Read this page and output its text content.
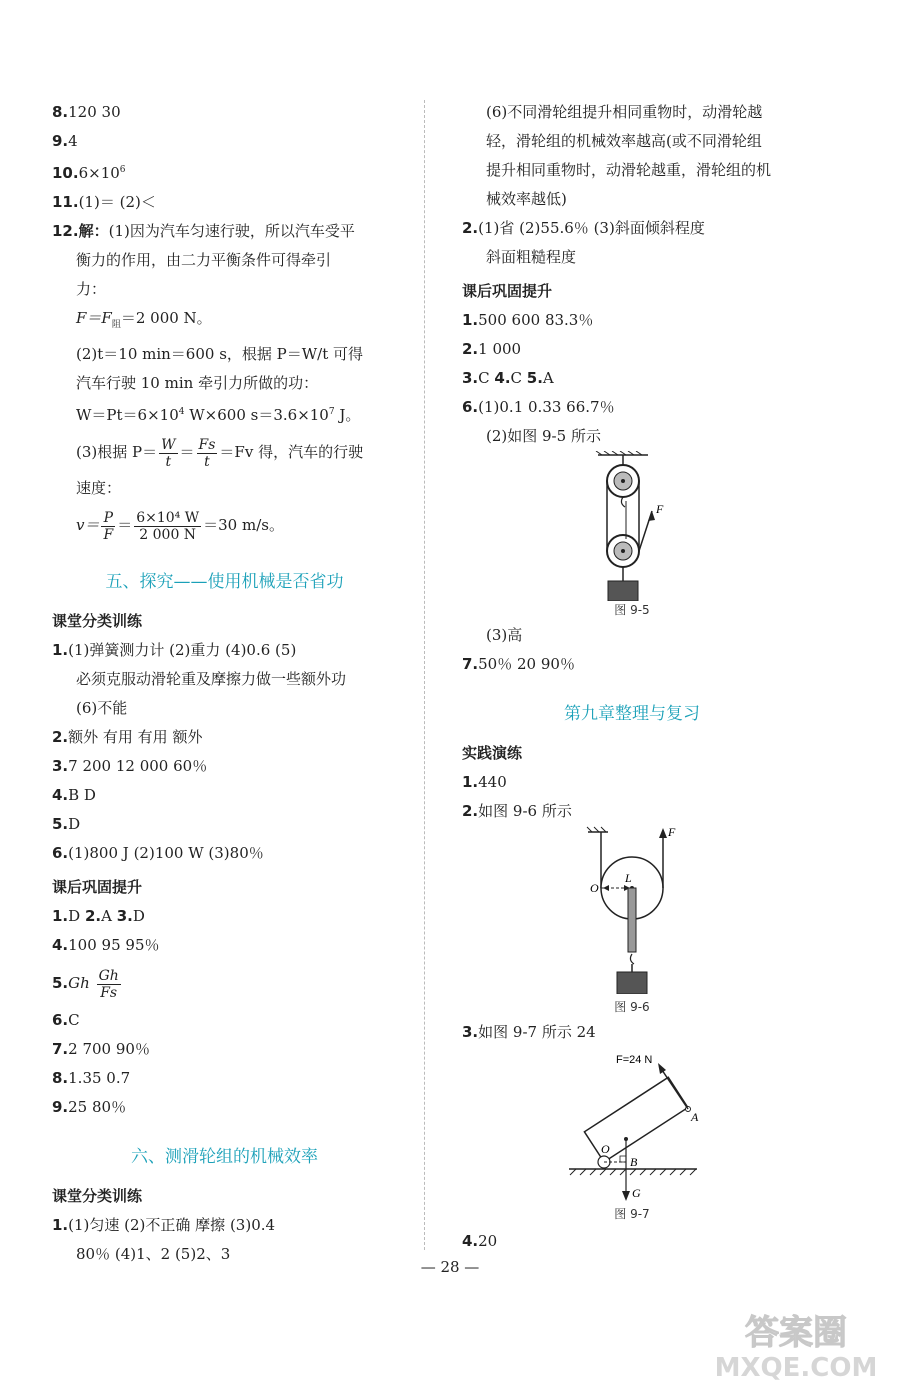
8.120 30
9.4
$10.6\times 10^6$
11.(1)＝ (2)＜
12.解：(1)因为汽车匀速行驶，所以汽车受平
衡力的作用，由二力平衡条件可得牵引
力：
$F=F_阻=2$ 000 N。
(2)t＝10 min＝600 s，根据 P＝W/t 可得
汽车行驶 10 min 牵引力所做的功：
$W=Pt=6\times 10^4$ W×600 $s=3.6\times 10^7$ J。
(3)根据 $P= \frac{W}{t} = \frac{Fs}{t} =Fv$ 得，汽车的行驶
速度：
$v= \frac{P}{F} = \frac{\text{6×10⁴ W}}{2 000 N} =30$ m/s。
五、探究——使用机械是否省功
课堂分类训练
1.(1)弹簧测力计 (2)重力 (4)0.6 (5)
必须克服动滑轮重及摩擦力做一些额外功
(6)不能
2.额外 有用 有用 额外
3.7 200 12 000 60％
4.B D
5.D
6.(1)800 J (2)100 W (3)80％
课后巩固提升
1.D 2.A 3.D
4.100 95 95％
$5.Gh \frac{Gh}{Fs}$
6.C
7.2 700 90％
8.1.35 0.7
9.25 80％
六、测滑轮组的机械效率
课堂分类训练
1.(1)匀速 (2)不正确 摩擦 (3)0.4
80％ (4)1、2 (5)2、3
(6)不同滑轮组提升相同重物时，动滑轮越
轻，滑轮组的机械效率越高(或不同滑轮组
提升相同重物时，动滑轮越重，滑轮组的机
械效率越低)
2.(1)省 (2)55.6％ (3)斜面倾斜程度
斜面粗糙程度
课后巩固提升
1.500 600 83.3％
2.1 000
3.C 4.C 5.A
6.(1)0.1 0.33 66.7％
(2)如图 9-5 所示
F
图 9-5
(3)高
7.50％ 20 90％
第九章整理与复习
实践演练
1.440
2.如图 9-6 所示
F
O
L
图 9-6
3.如图 9-7 所示 24
O
B
G
A
F=24 N
图 9-7
4.20
— 28 —
答案圈
MXQE.COM
